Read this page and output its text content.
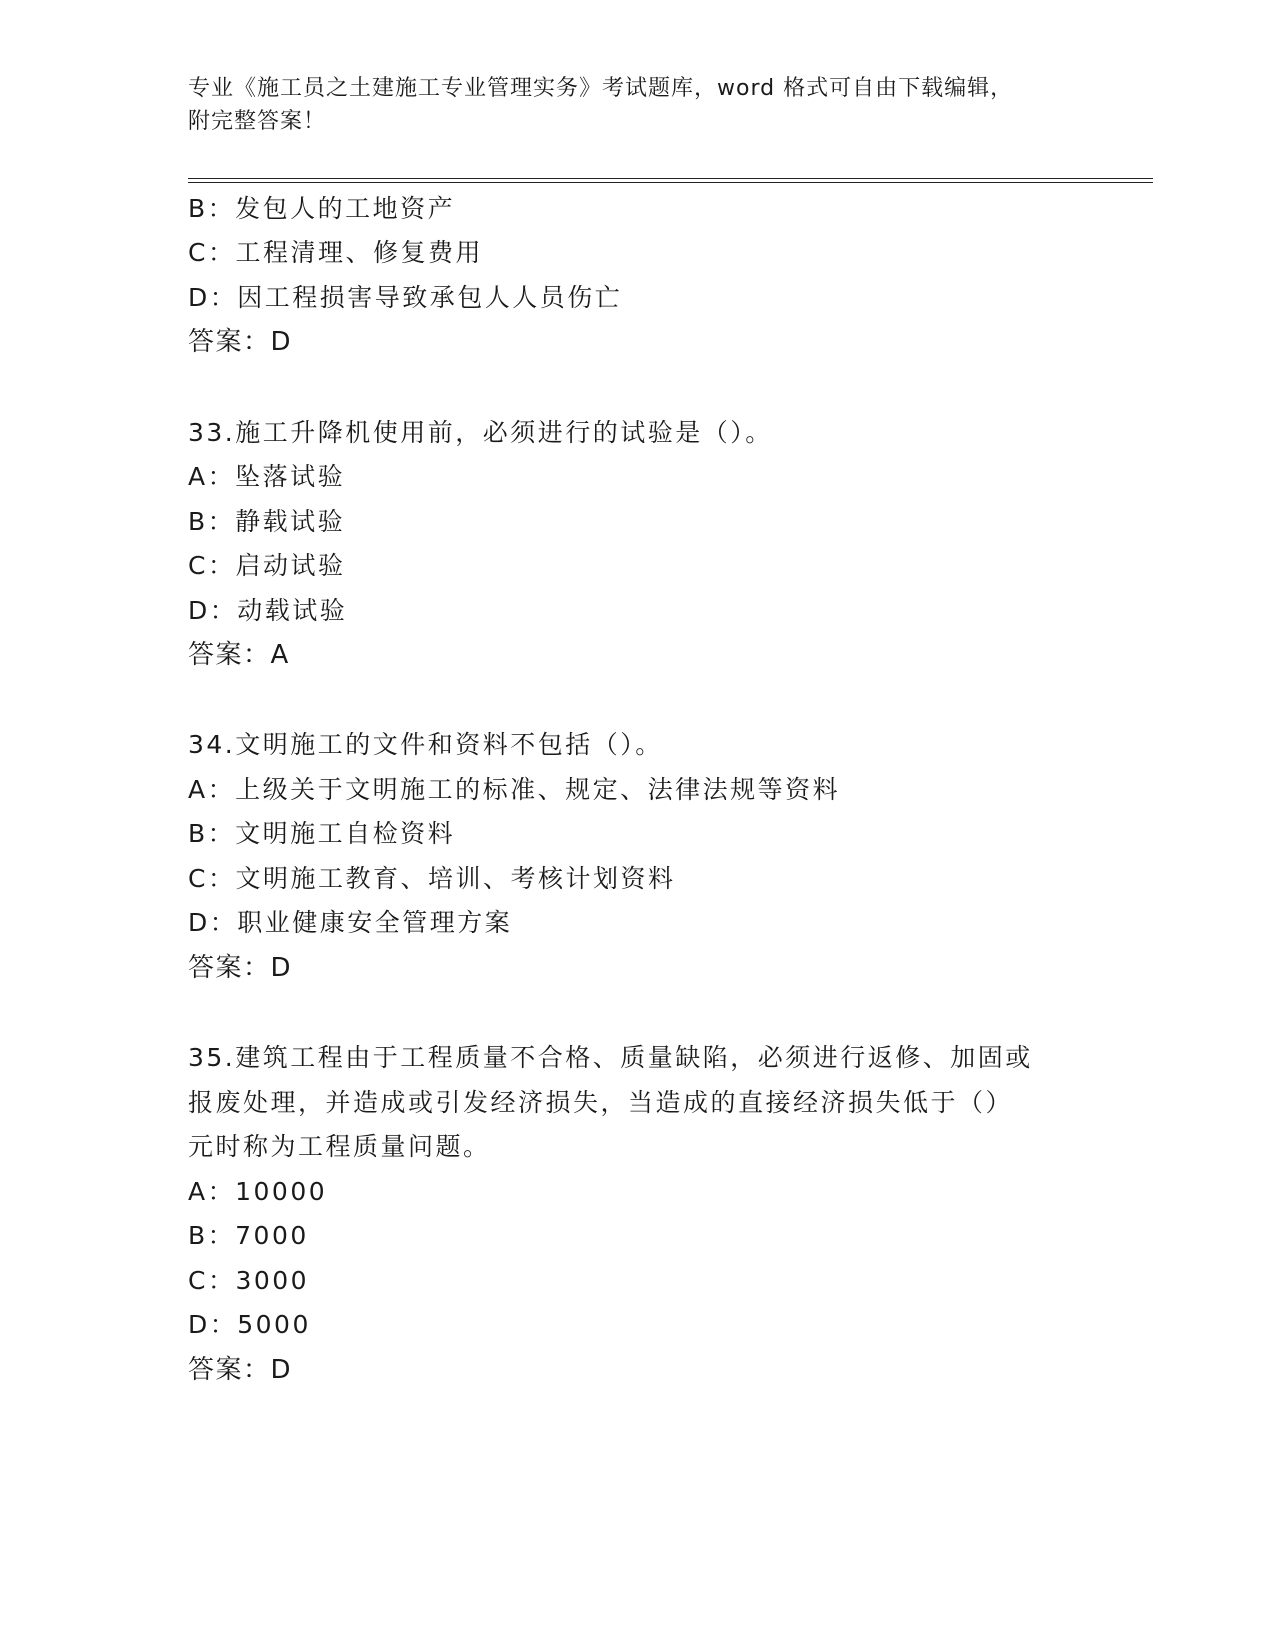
专业《施工员之土建施工专业管理实务》考试题库，word 格式可自由下载编辑，
附完整答案！
B：发包人的工地资产
C：工程清理、修复费用
D：因工程损害导致承包人人员伤亡
答案：D
33.施工升降机使用前，必须进行的试验是（）。
A：坠落试验
B：静载试验
C：启动试验
D：动载试验
答案：A
34.文明施工的文件和资料不包括（）。
A：上级关于文明施工的标准、规定、法律法规等资料
B：文明施工自检资料
C：文明施工教育、培训、考核计划资料
D：职业健康安全管理方案
答案：D
35.建筑工程由于工程质量不合格、质量缺陷，必须进行返修、加固或
报废处理，并造成或引发经济损失，当造成的直接经济损失低于（）
元时称为工程质量问题。
A：10000
B：7000
C：3000
D：5000
答案：D
